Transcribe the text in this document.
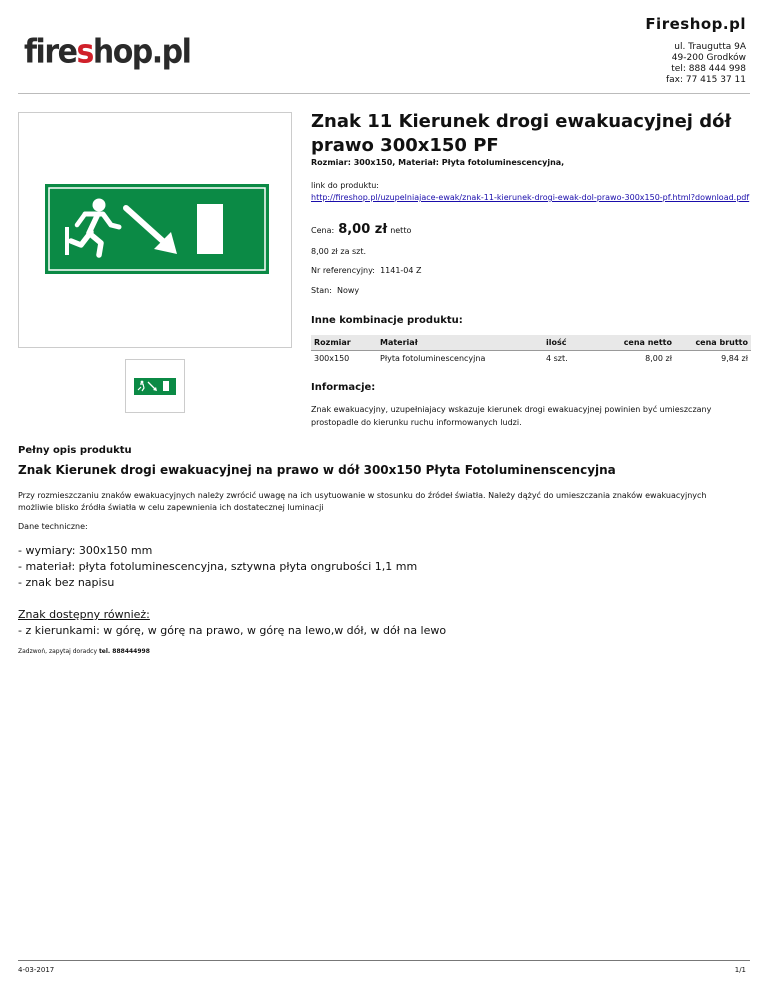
Fireshop.pl
fireshop.pl	ul. Traugutta 9A
49-200 Grodków
tel: 888 444 998
fax: 77 415 37 11
Znak 11 Kierunek drogi ewakuacyjnej dół prawo 300x150 PF
Rozmiar: 300x150, Materiał: Płyta fotoluminescencyjna,
link do produktu:
http://fireshop.pl/uzupelniajace-ewak/znak-11-kierunek-drogi-ewak-dol-prawo-300x150-pf.html?download.pdf
Cena: 8,00 zł netto
8,00 zł za szt.
Nr referencyjny: 1141-04 Z
Stan: Nowy
Inne kombinacje produktu:
Rozmiar	Materiał	ilość	cena netto	cena brutto
300x150	Płyta fotoluminescencyjna	4 szt.	8,00 zł	9,84 zł
Informacje:
Znak ewakuacyjny, uzupełniajacy wskazuje kierunek drogi ewakuacyjnej powinien być umieszczany prostopadle do kierunku ruchu informowanych ludzi.
Pełny opis produktu
Znak Kierunek drogi ewakuacyjnej na prawo w dół 300x150 Płyta Fotoluminenscencyjna
Przy rozmieszczaniu znaków ewakuacyjnych należy zwrócić uwagę na ich usytuowanie w stosunku do źródeł światła. Należy dążyć do umieszczania znaków ewakuacyjnych możliwie blisko źródła światła w celu zapewnienia ich dostatecznej luminacji
Dane techniczne:
- wymiary: 300x150 mm
- materiał: płyta fotoluminescencyjna, sztywna płyta ongrubości 1,1 mm
- znak bez napisu
Znak dostępny również:
- z kierunkami: w górę, w górę na prawo, w górę na lewo,w dół, w dół na lewo
Zadzwoń, zapytaj doradcy tel. 888444998
4-03-2017	1/1
